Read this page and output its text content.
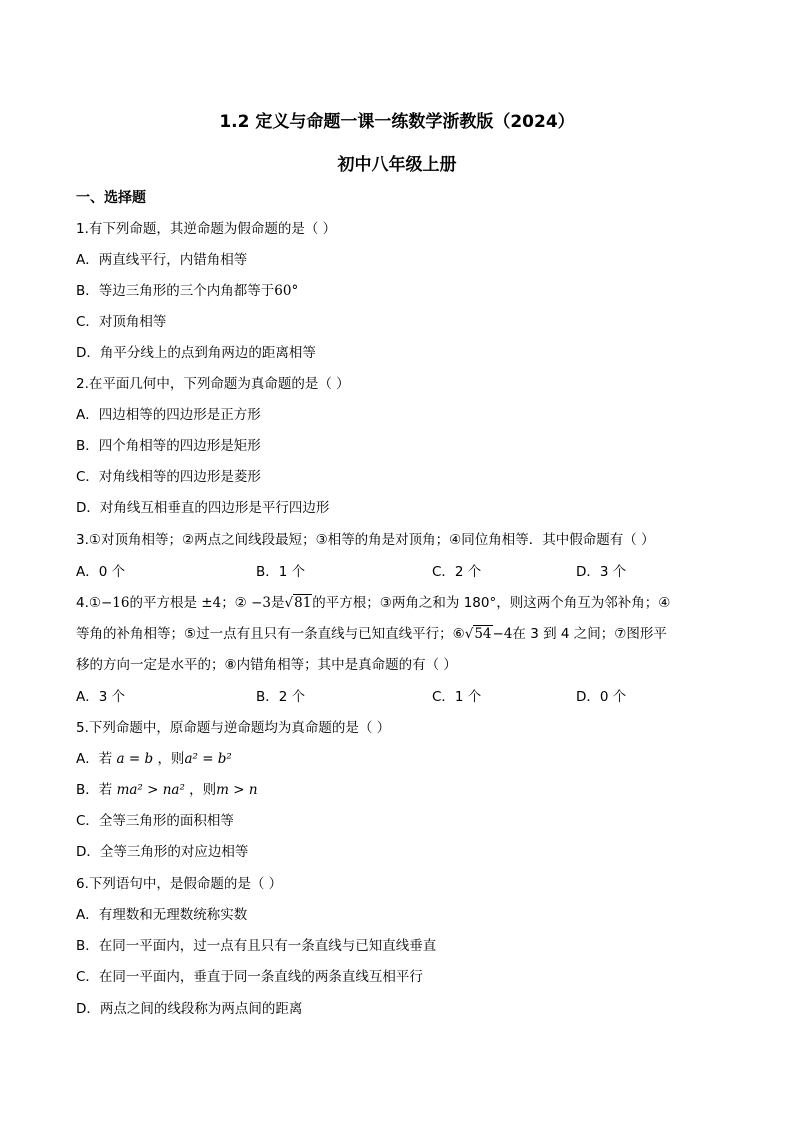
1.2 定义与命题一课一练数学浙教版（2024）
初中八年级上册
一、选择题
1.有下列命题，其逆命题为假命题的是（ ）
A．两直线平行，内错角相等
B．等边三角形的三个内角都等于60°
C．对顶角相等
D．角平分线上的点到角两边的距离相等
2.在平面几何中，下列命题为真命题的是（ ）
A．四边相等的四边形是正方形
B．四个角相等的四边形是矩形
C．对角线相等的四边形是菱形
D．对角线互相垂直的四边形是平行四边形
3.①对顶角相等；②两点之间线段最短；③相等的角是对顶角；④同位角相等．其中假命题有（ ）
A．0 个	B．1 个	C．2 个	D．3 个
4.①−16的平方根是 ±4；② −3是√81的平方根；③两角之和为 180°，则这两个角互为邻补角；④
等角的补角相等；⑤过一点有且只有一条直线与已知直线平行；⑥√54−4在 3 到 4 之间；⑦图形平
移的方向一定是水平的；⑧内错角相等；其中是真命题的有（ ）
A．3 个	B．2 个	C．1 个	D．0 个
5.下列命题中，原命题与逆命题均为真命题的是（ ）
A．若 a = b ，则a² = b²
B．若 ma² > na² ，则m > n
C．全等三角形的面积相等
D．全等三角形的对应边相等
6.下列语句中，是假命题的是（ ）
A．有理数和无理数统称实数
B．在同一平面内，过一点有且只有一条直线与已知直线垂直
C．在同一平面内，垂直于同一条直线的两条直线互相平行
D．两点之间的线段称为两点间的距离
